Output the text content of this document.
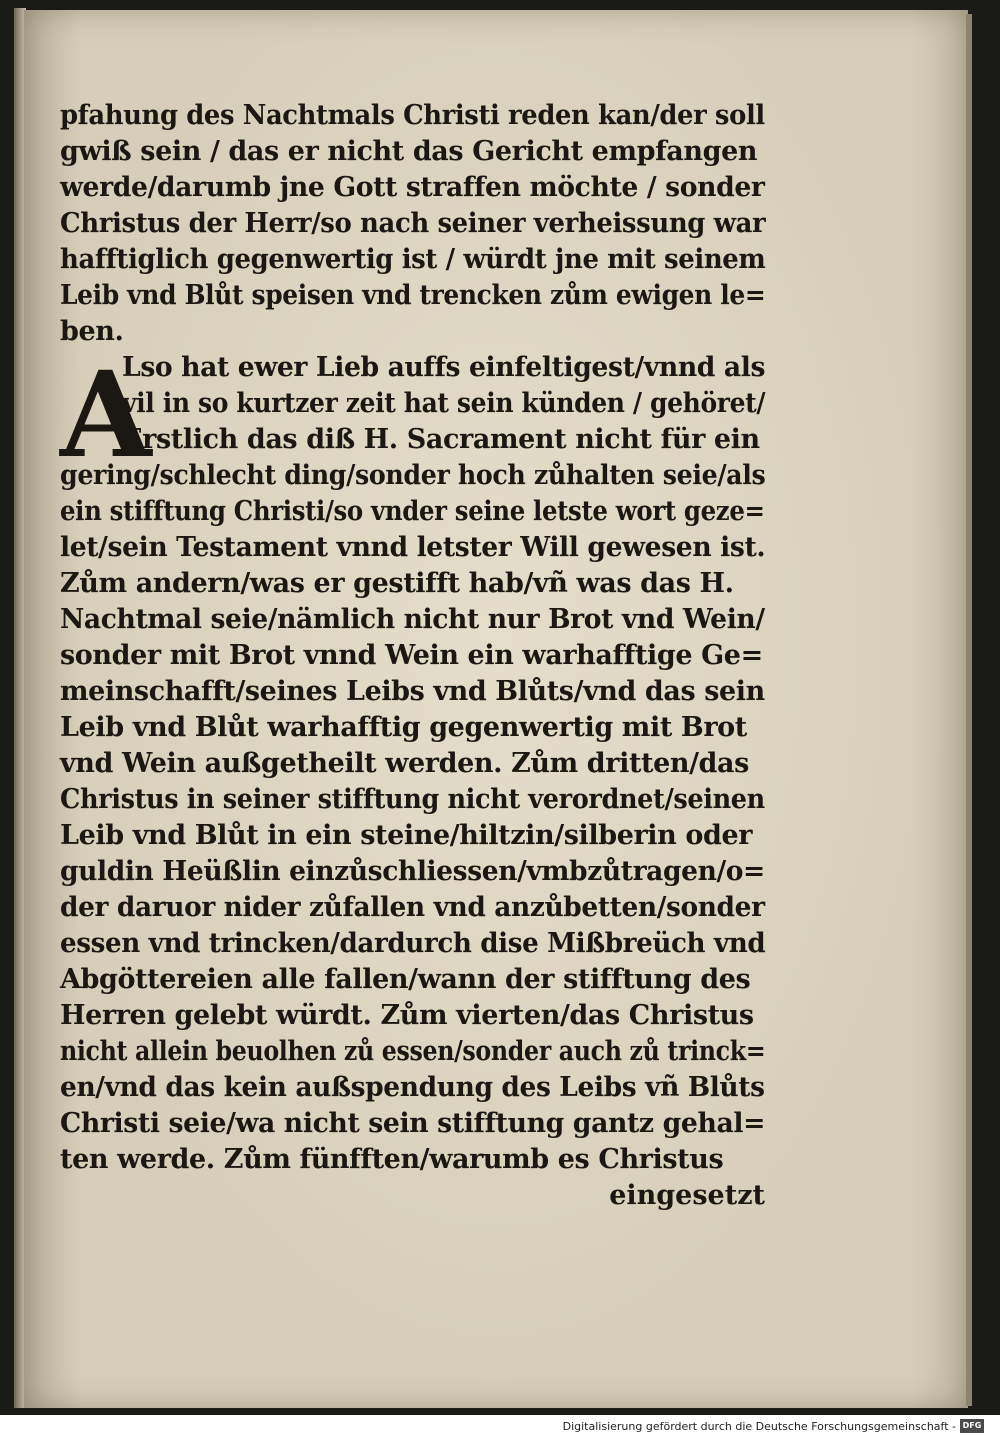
pfahung des Nachtmals Christi reden kan/der soll
gwiß sein / das er nicht das Gericht empfangen
werde/darumb jne Gott straffen möchte / sonder
Christus der Herr/so nach seiner verheissung war
hafftiglich gegenwertig ist / würdt jne mit seinem
Leib vnd Blůt speisen vnd trencken zům ewigen le=
ben.
A
Lso hat ewer Lieb auffs einfeltigest/vnnd als
vil in so kurtzer zeit hat sein künden / gehöret/
Erstlich das diß H. Sacrament nicht für ein
gering/schlecht ding/sonder hoch zůhalten seie/als
ein stifftung Christi/so vnder seine letste wort geze=
let/sein Testament vnnd letster Will gewesen ist.
Zům andern/was er gestifft hab/vñ was das H.
Nachtmal seie/nämlich nicht nur Brot vnd Wein/
sonder mit Brot vnnd Wein ein warhafftige Ge=
meinschafft/seines Leibs vnd Blůts/vnd das sein
Leib vnd Blůt warhafftig gegenwertig mit Brot
vnd Wein außgetheilt werden. Zům dritten/das
Christus in seiner stifftung nicht verordnet/seinen
Leib vnd Blůt in ein steine/hiltzin/silberin oder
guldin Heüßlin einzůschliessen/vmbzůtragen/o=
der daruor nider zůfallen vnd anzůbetten/sonder
essen vnd trincken/dardurch dise Mißbreüch vnd
Abgöttereien alle fallen/wann der stifftung des
Herren gelebt würdt. Zům vierten/das Christus
nicht allein beuolhen zů essen/sonder auch zů trinck=
en/vnd das kein außspendung des Leibs vñ Blůts
Christi seie/wa nicht sein stifftung gantz gehal=
ten werde. Zům fünfften/warumb es Christus
eingesetzt
Digitalisierung gefördert durch die Deutsche Forschungsgemeinschaft - DFG
